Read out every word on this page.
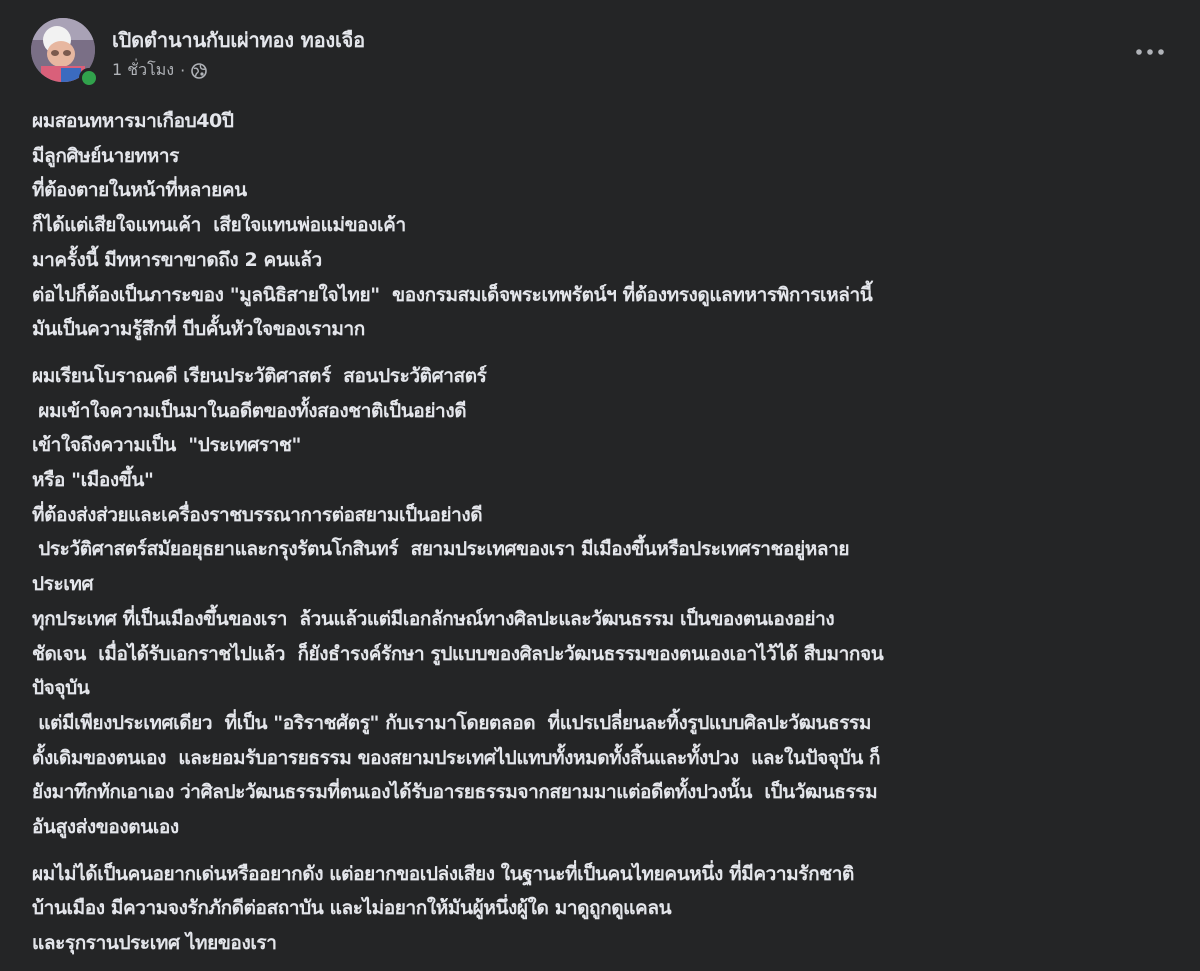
เปิดตำนานกับเผ่าทอง ทองเจือ
1 ชั่วโมง ·
ผมสอนทหารมาเกือบ40ปี
มีลูกศิษย์นายทหาร
ที่ต้องตายในหน้าที่หลายคน
ก็ได้แต่เสียใจแทนเค้า  เสียใจแทนพ่อแม่ของเค้า
มาครั้งนี้ มีทหารขาขาดถึง 2 คนแล้ว
ต่อไปก็ต้องเป็นภาระของ "มูลนิธิสายใจไทย"  ของกรมสมเด็จพระเทพรัตน์ฯ ที่ต้องทรงดูแลทหารพิการเหล่านี้
มันเป็นความรู้สึกที่ บีบคั้นหัวใจของเรามาก
ผมเรียนโบราณคดี เรียนประวัติศาสตร์  สอนประวัติศาสตร์
ผมเข้าใจความเป็นมาในอดีตของทั้งสองชาติเป็นอย่างดี
เข้าใจถึงความเป็น  "ประเทศราช"
หรือ "เมืองขึ้น"
ที่ต้องส่งส่วยและเครื่องราชบรรณาการต่อสยามเป็นอย่างดี
ประวัติศาสตร์สมัยอยุธยาและกรุงรัตนโกสินทร์  สยามประเทศของเรา มีเมืองขึ้นหรือประเทศราชอยู่หลาย
ประเทศ
ทุกประเทศ ที่เป็นเมืองขึ้นของเรา  ล้วนแล้วแต่มีเอกลักษณ์ทางศิลปะและวัฒนธรรม เป็นของตนเองอย่าง
ชัดเจน  เมื่อได้รับเอกราชไปแล้ว  ก็ยังธำรงค์รักษา รูปแบบของศิลปะวัฒนธรรมของตนเองเอาไว้ได้ สืบมากจน
ปัจจุบัน
แต่มีเพียงประเทศเดียว  ที่เป็น "อริราชศัตรู" กับเรามาโดยตลอด  ที่แปรเปลี่ยนละทิ้งรูปแบบศิลปะวัฒนธรรม
ดั้งเดิมของตนเอง  และยอมรับอารยธรรม ของสยามประเทศไปแทบทั้งหมดทั้งสิ้นและทั้งปวง  และในปัจจุบัน ก็
ยังมาทึกทักเอาเอง ว่าศิลปะวัฒนธรรมที่ตนเองได้รับอารยธรรมจากสยามมาแต่อดีตทั้งปวงนั้น  เป็นวัฒนธรรม
อันสูงส่งของตนเอง
ผมไม่ได้เป็นคนอยากเด่นหรืออยากดัง แต่อยากขอเปล่งเสียง ในฐานะที่เป็นคนไทยคนหนึ่ง ที่มีความรักชาติ
บ้านเมือง มีความจงรักภักดีต่อสถาบัน และไม่อยากให้มันผู้หนึ่งผู้ใด มาดูถูกดูแคลน
และรุกรานประเทศ ไทยของเรา
